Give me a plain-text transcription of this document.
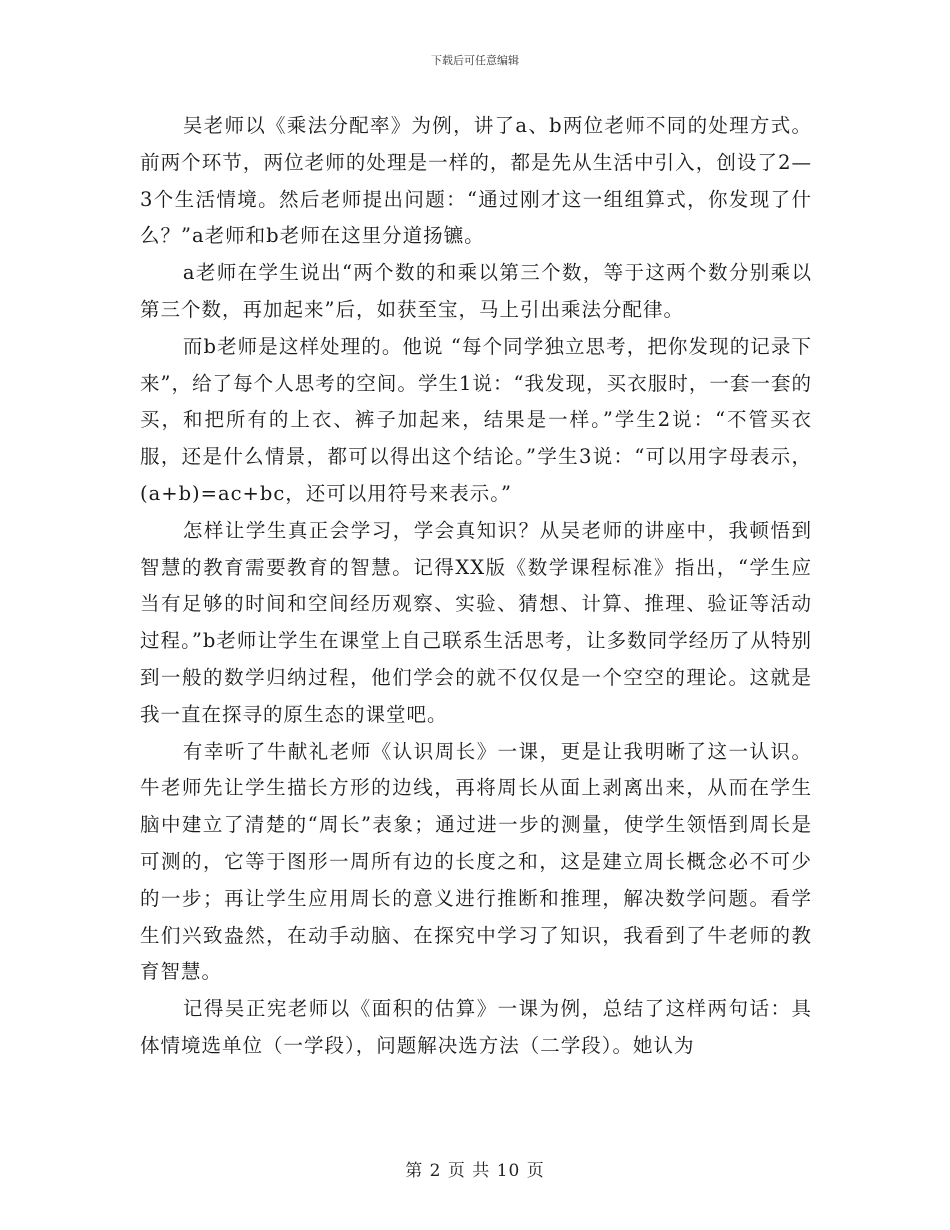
下载后可任意编辑

吴老师以《乘法分配率》为例，讲了a、b两位老师不同的处理方式。前两个环节，两位老师的处理是一样的，都是先从生活中引入，创设了2—3个生活情境。然后老师提出问题：“通过刚才这一组组算式，你发现了什么？”a老师和b老师在这里分道扬镳。

a老师在学生说出“两个数的和乘以第三个数，等于这两个数分别乘以第三个数，再加起来”后，如获至宝，马上引出乘法分配律。

而b老师是这样处理的。他说 “每个同学独立思考，把你发现的记录下来”，给了每个人思考的空间。学生1说：“我发现，买衣服时，一套一套的买，和把所有的上衣、裤子加起来，结果是一样。”学生2说：“不管买衣服，还是什么情景，都可以得出这个结论。”学生3说：“可以用字母表示，(a+b)=ac+bc，还可以用符号来表示。”

怎样让学生真正会学习，学会真知识？从吴老师的讲座中，我顿悟到智慧的教育需要教育的智慧。记得XX版《数学课程标准》指出，“学生应当有足够的时间和空间经历观察、实验、猜想、计算、推理、验证等活动过程。”b老师让学生在课堂上自己联系生活思考，让多数同学经历了从特别到一般的数学归纳过程，他们学会的就不仅仅是一个空空的理论。这就是我一直在探寻的原生态的课堂吧。

有幸听了牛献礼老师《认识周长》一课，更是让我明晰了这一认识。牛老师先让学生描长方形的边线，再将周长从面上剥离出来，从而在学生脑中建立了清楚的“周长”表象；通过进一步的测量，使学生领悟到周长是可测的，它等于图形一周所有边的长度之和，这是建立周长概念必不可少的一步；再让学生应用周长的意义进行推断和推理，解决数学问题。看学生们兴致盎然，在动手动脑、在探究中学习了知识，我看到了牛老师的教育智慧。

记得吴正宪老师以《面积的估算》一课为例，总结了这样两句话：具体情境选单位（一学段），问题解决选方法（二学段）。她认为

第 2 页 共 10 页
